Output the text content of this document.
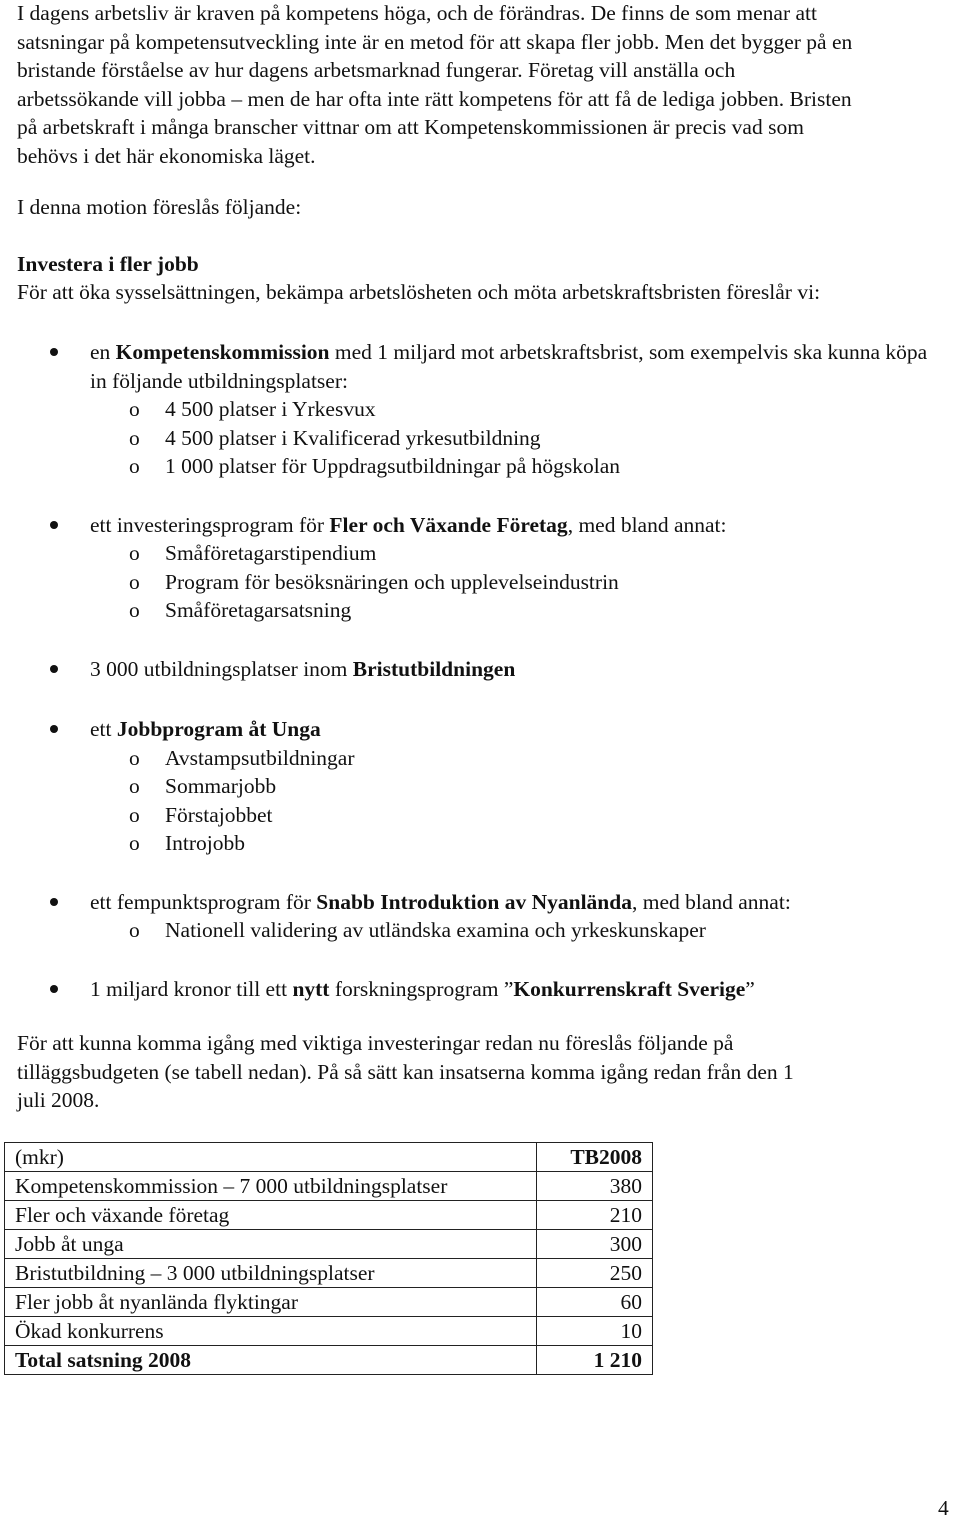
I dagens arbetsliv är kraven på kompetens höga, och de förändras. De finns de som menar att
satsningar på kompetensutveckling inte är en metod för att skapa fler jobb. Men det bygger på en
bristande förståelse av hur dagens arbetsmarknad fungerar. Företag vill anställa och
arbetssökande vill jobba – men de har ofta inte rätt kompetens för att få de lediga jobben. Bristen
på arbetskraft i många branscher vittnar om att Kompetenskommissionen är precis vad som
behövs i det här ekonomiska läget.

I denna motion föreslås följande:

Investera i fler jobb

För att öka sysselsättningen, bekämpa arbetslösheten och möta arbetskraftsbristen föreslår vi:

en Kompetenskommission med 1 miljard mot arbetskraftsbrist, som exempelvis ska kunna köpa in följande utbildningsplatser:
o 4 500 platser i Yrkesvux
o 4 500 platser i Kvalificerad yrkesutbildning
o 1 000 platser för Uppdragsutbildningar på högskolan
ett investeringsprogram för Fler och Växande Företag, med bland annat:
o Småföretagarstipendium
o Program för besöksnäringen och upplevelseindustrin
o Småföretagarsatsning
3 000 utbildningsplatser inom Bristutbildningen
ett Jobbprogram åt Unga
o Avstampsutbildningar
o Sommarjobb
o Förstajobbet
o Introjobb
ett fempunktsprogram för Snabb Introduktion av Nyanlända, med bland annat:
o Nationell validering av utländska examina och yrkeskunskaper
1 miljard kronor till ett nytt forskningsprogram ”Konkurrenskraft Sverige”

För att kunna komma igång med viktiga investeringar redan nu föreslås följande på tilläggsbudgeten (se tabell nedan). På så sätt kan insatserna komma igång redan från den 1 juli 2008.

(mkr)	TB2008
Kompetenskommission – 7 000 utbildningsplatser	380
Fler och växande företag	210
Jobb åt unga	300
Bristutbildning – 3 000 utbildningsplatser	250
Fler jobb åt nyanlända flyktingar	60
Ökad konkurrens	10
Total satsning 2008	1 210
4
